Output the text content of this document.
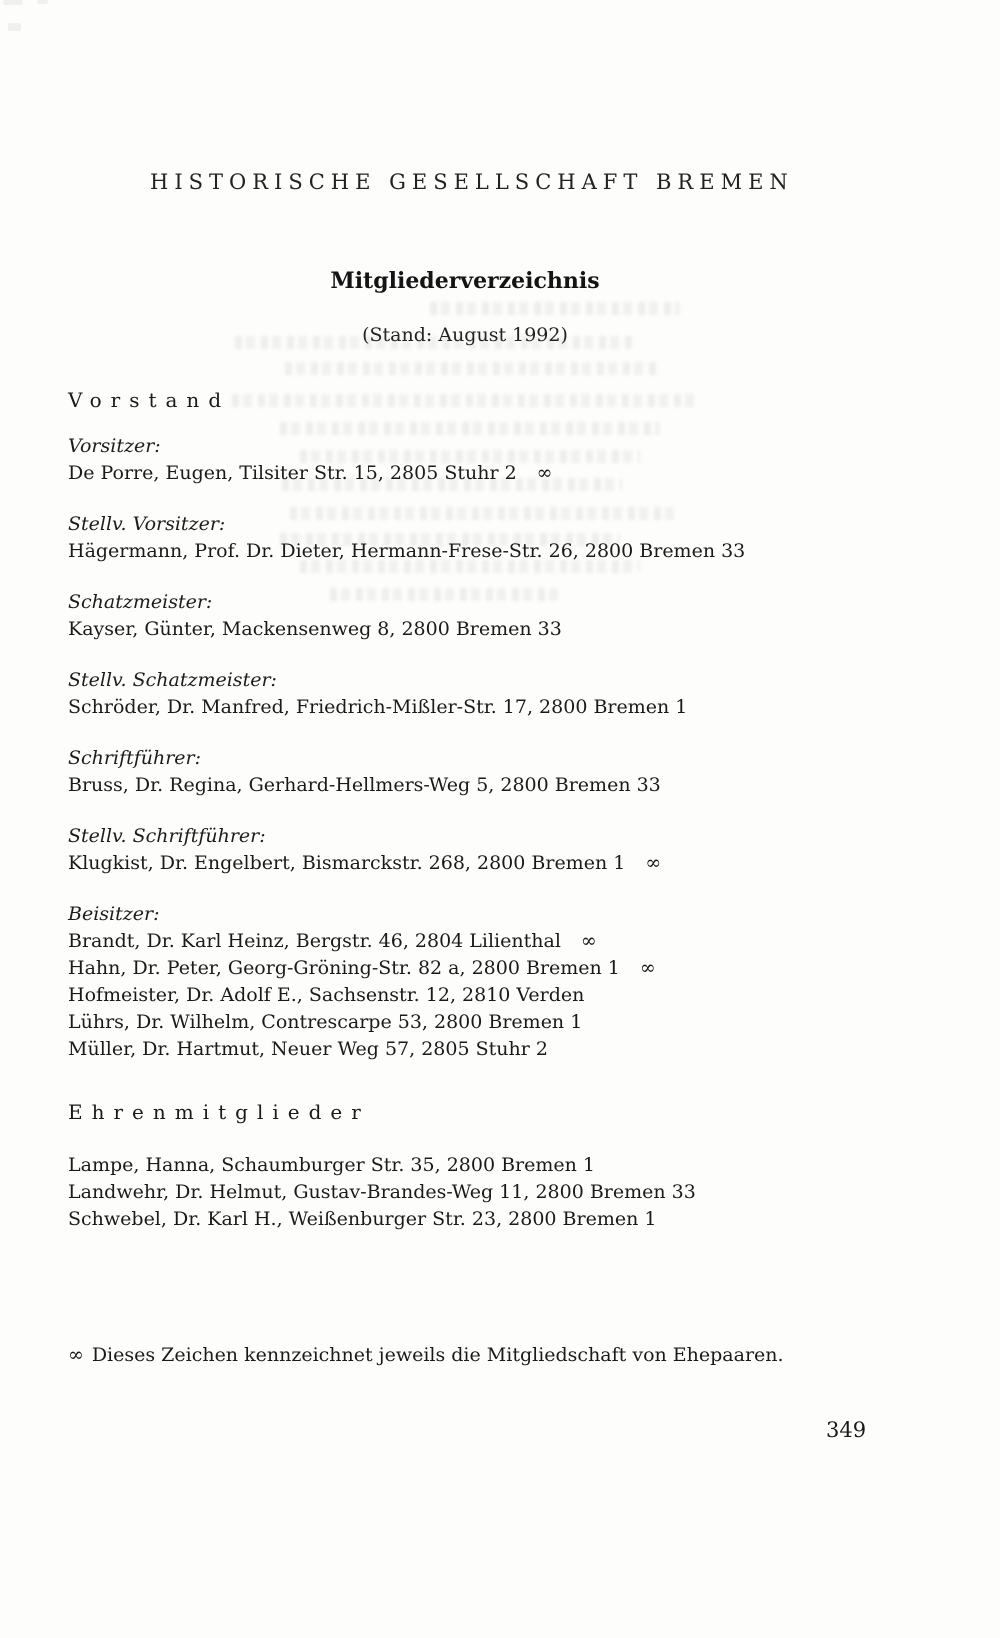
HISTORISCHE GESELLSCHAFT BREMEN
Mitgliederverzeichnis
(Stand: August 1992)
Vorstand
Vorsitzer:
De Porre, Eugen, Tilsiter Str. 15, 2805 Stuhr 2 ∞
Stellv. Vorsitzer:
Hägermann, Prof. Dr. Dieter, Hermann-Frese-Str. 26, 2800 Bremen 33
Schatzmeister:
Kayser, Günter, Mackensenweg 8, 2800 Bremen 33
Stellv. Schatzmeister:
Schröder, Dr. Manfred, Friedrich-Mißler-Str. 17, 2800 Bremen 1
Schriftführer:
Bruss, Dr. Regina, Gerhard-Hellmers-Weg 5, 2800 Bremen 33
Stellv. Schriftführer:
Klugkist, Dr. Engelbert, Bismarckstr. 268, 2800 Bremen 1 ∞
Beisitzer:
Brandt, Dr. Karl Heinz, Bergstr. 46, 2804 Lilienthal ∞
Hahn, Dr. Peter, Georg-Gröning-Str. 82 a, 2800 Bremen 1 ∞
Hofmeister, Dr. Adolf E., Sachsenstr. 12, 2810 Verden
Lührs, Dr. Wilhelm, Contrescarpe 53, 2800 Bremen 1
Müller, Dr. Hartmut, Neuer Weg 57, 2805 Stuhr 2
Ehrenmitglieder
Lampe, Hanna, Schaumburger Str. 35, 2800 Bremen 1
Landwehr, Dr. Helmut, Gustav-Brandes-Weg 11, 2800 Bremen 33
Schwebel, Dr. Karl H., Weißenburger Str. 23, 2800 Bremen 1
∞ Dieses Zeichen kennzeichnet jeweils die Mitgliedschaft von Ehepaaren.
349
